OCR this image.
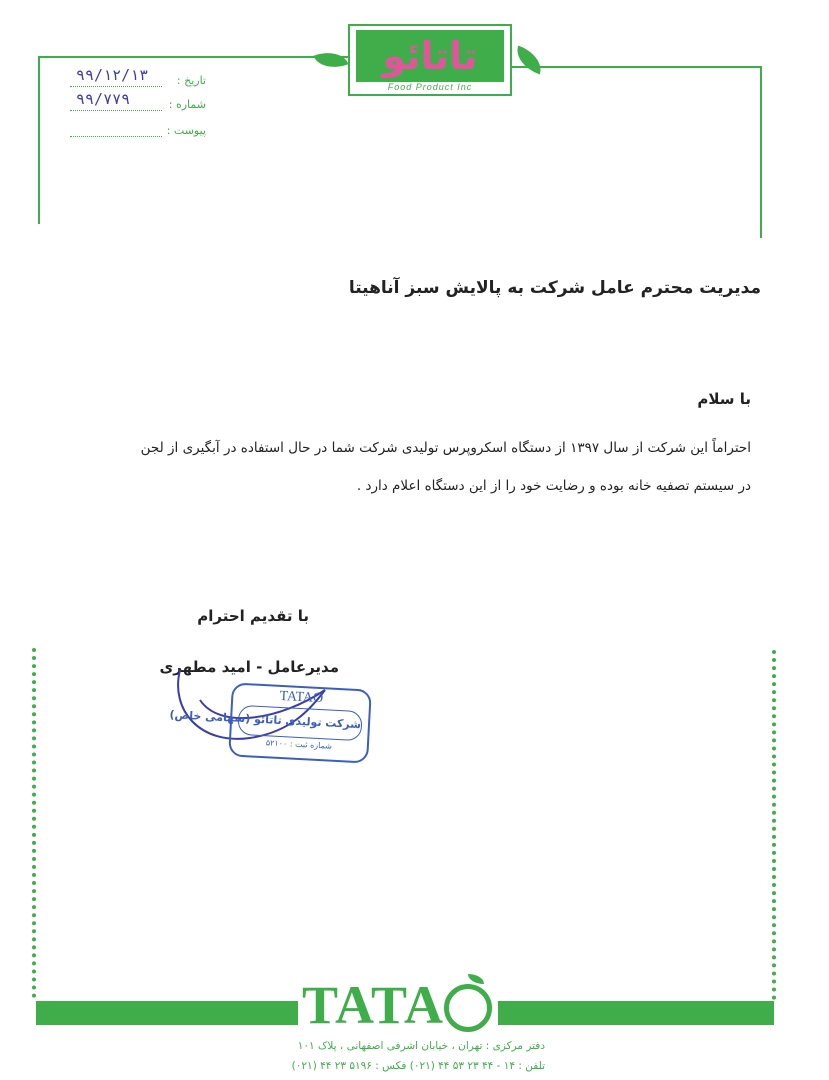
تاتائو
Food Product Inc
تاریخ :
۹۹/۱۲/۱۳
شماره :
۹۹/۷۷۹
پیوست :
مدیریت محترم عامل شرکت به پالایش سبز آناهیتا
با سلام
احتراماً این شرکت از سال ۱۳۹۷ از دستگاه اسکروپرس تولیدی شرکت شما در حال استفاده در آبگیری از لجن
در سیستم تصفیه خانه بوده و رضایت خود را از این دستگاه اعلام دارد .
با تقدیم احترام
مدیرعامل - امید مطهری
TATAO
شرکت تولیدی تاتائو (سهامی خاص)
شماره ثبت : ۵۲۱۰۰
TATA
دفتر مرکزی : تهران ، خیابان اشرفی اصفهانی ، پلاک ۱۰۱
تلفن : ۱۴ - ۴۴ ۲۳ ۵۳ ۴۴ (۰۲۱) فکس : ۵۱۹۶ ۲۳ ۴۴ (۰۲۱)
